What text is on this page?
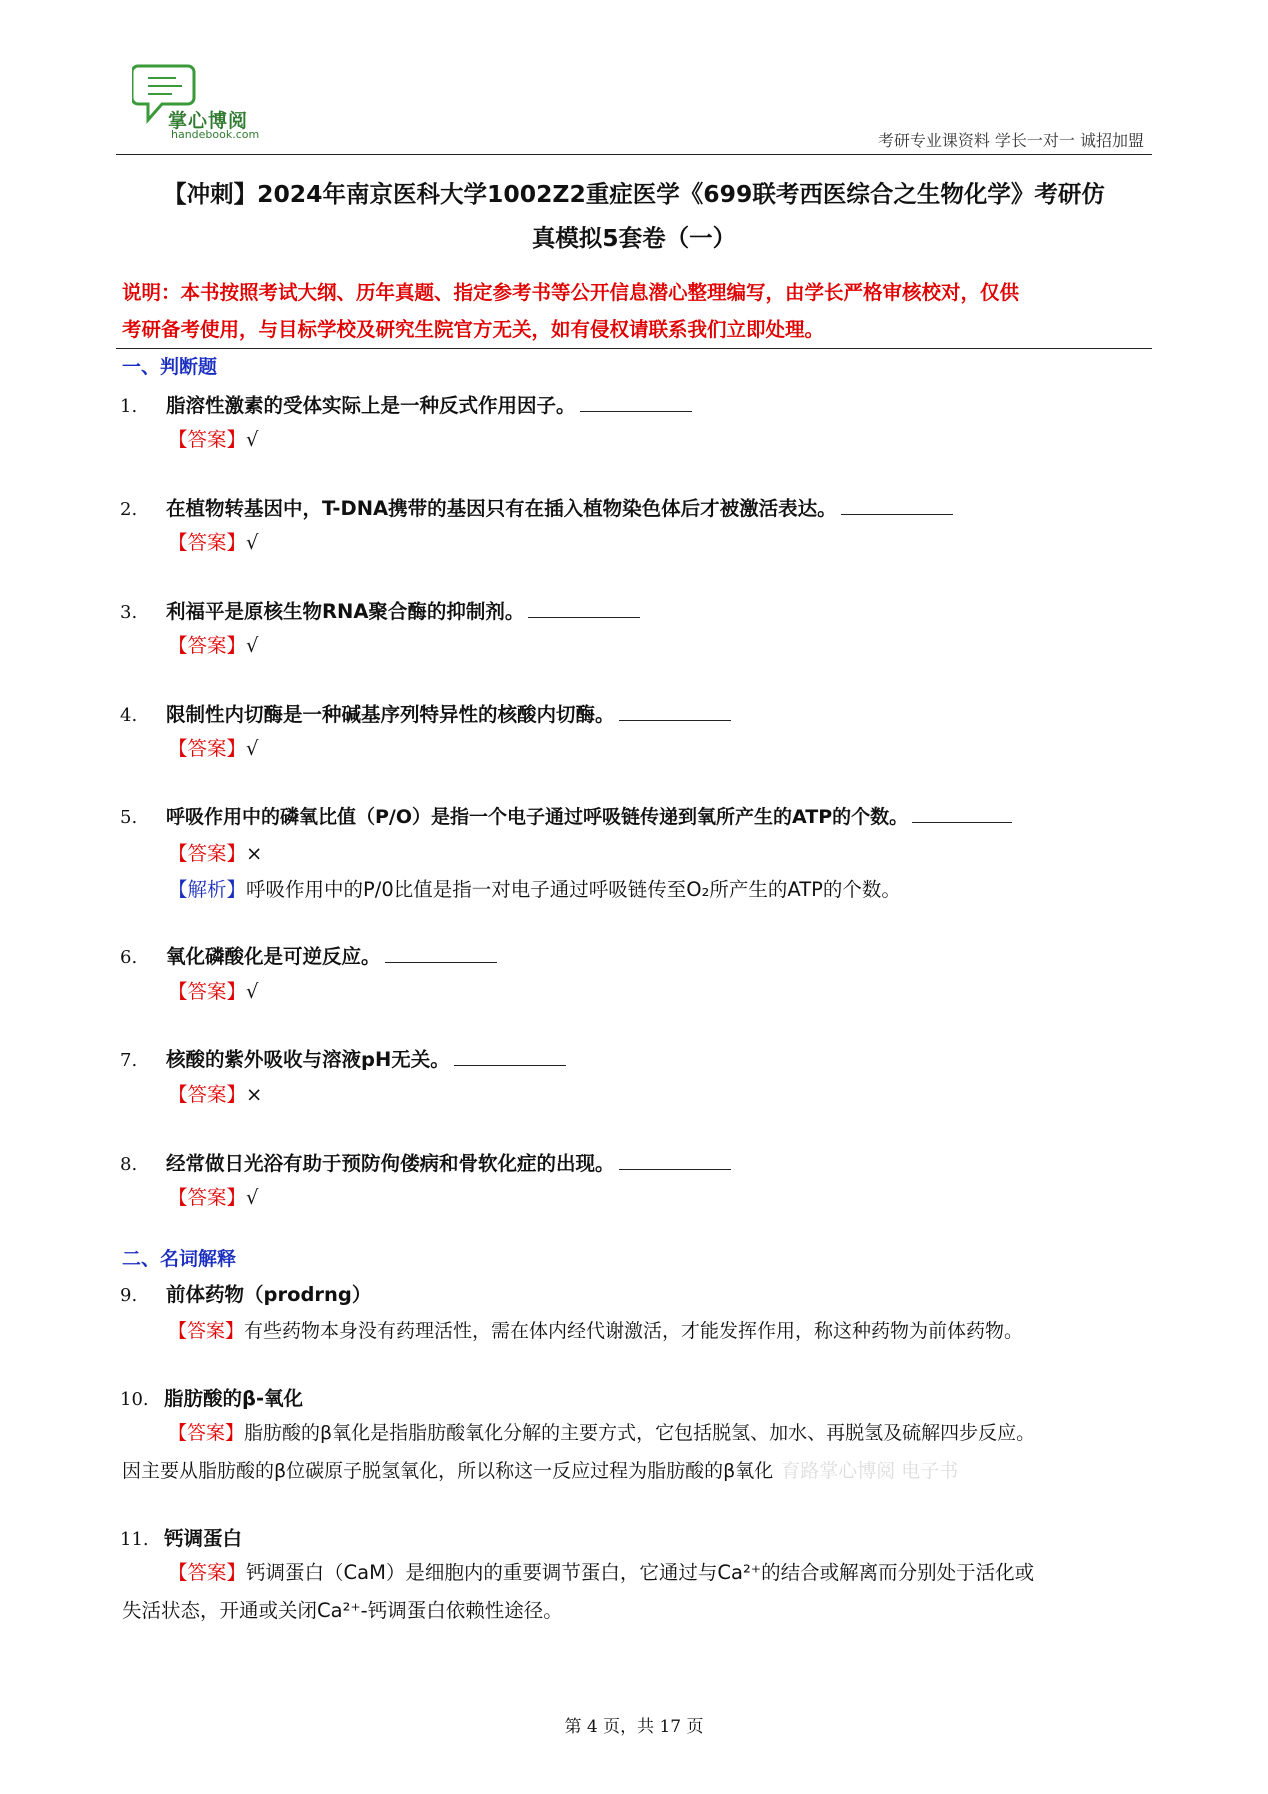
掌心博阅
handebook.com	考研专业课资料 学长一对一 诚招加盟
【冲刺】2024年南京医科大学1002Z2重症医学《699联考西医综合之生物化学》考研仿
真模拟5套卷（一）
说明：本书按照考试大纲、历年真题、指定参考书等公开信息潜心整理编写，由学长严格审核校对，仅供
考研备考使用，与目标学校及研究生院官方无关，如有侵权请联系我们立即处理。
一、判断题
1. 脂溶性激素的受体实际上是一种反式作用因子。
【答案】√
2. 在植物转基因中，T-DNA携带的基因只有在插入植物染色体后才被激活表达。
【答案】√
3. 利福平是原核生物RNA聚合酶的抑制剂。
【答案】√
4. 限制性内切酶是一种碱基序列特异性的核酸内切酶。
【答案】√
5. 呼吸作用中的磷氧比值（P/O）是指一个电子通过呼吸链传递到氧所产生的ATP的个数。
【答案】×
【解析】呼吸作用中的P/0比值是指一对电子通过呼吸链传至O₂所产生的ATP的个数。
6. 氧化磷酸化是可逆反应。
【答案】√
7. 核酸的紫外吸收与溶液pH无关。
【答案】×
8. 经常做日光浴有助于预防佝偻病和骨软化症的出现。
【答案】√
二、名词解释
9. 前体药物（prodrng）
【答案】有些药物本身没有药理活性，需在体内经代谢激活，才能发挥作用，称这种药物为前体药物。
10. 脂肪酸的β-氧化
【答案】脂肪酸的β氧化是指脂肪酸氧化分解的主要方式，它包括脱氢、加水、再脱氢及硫解四步反应。
因主要从脂肪酸的β位碳原子脱氢氧化，所以称这一反应过程为脂肪酸的β氧化 育路掌心博阅 电子书
11. 钙调蛋白
【答案】钙调蛋白（CaM）是细胞内的重要调节蛋白，它通过与Ca²⁺的结合或解离而分别处于活化或
失活状态，开通或关闭Ca²⁺-钙调蛋白依赖性途径。
第 4 页，共 17 页
